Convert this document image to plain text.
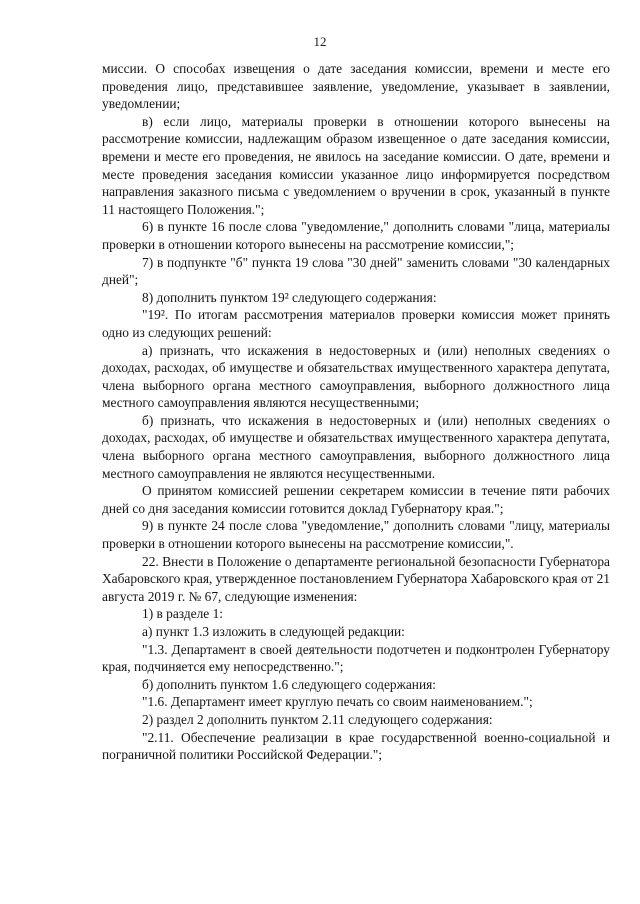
12

миссии. О способах извещения о дате заседания комиссии, времени и месте его проведения лицо, представившее заявление, уведомление, указывает в заявлении, уведомлении;

в) если лицо, материалы проверки в отношении которого вынесены на рассмотрение комиссии, надлежащим образом извещенное о дате заседания комиссии, времени и месте его проведения, не явилось на заседание комиссии. О дате, времени и месте проведения заседания комиссии указанное лицо информируется посредством направления заказного письма с уведомлением о вручении в срок, указанный в пункте 11 настоящего Положения.";

6) в пункте 16 после слова "уведомление," дополнить словами "лица, материалы проверки в отношении которого вынесены на рассмотрение комиссии,";

7) в подпункте "б" пункта 19 слова "30 дней" заменить словами "30 календарных дней";

8) дополнить пунктом 19² следующего содержания:

"19². По итогам рассмотрения материалов проверки комиссия может принять одно из следующих решений:

а) признать, что искажения в недостоверных и (или) неполных сведениях о доходах, расходах, об имуществе и обязательствах имущественного характера депутата, члена выборного органа местного самоуправления, выборного должностного лица местного самоуправления являются несущественными;

б) признать, что искажения в недостоверных и (или) неполных сведениях о доходах, расходах, об имуществе и обязательствах имущественного характера депутата, члена выборного органа местного самоуправления, выборного должностного лица местного самоуправления не являются несущественными.

О принятом комиссией решении секретарем комиссии в течение пяти рабочих дней со дня заседания комиссии готовится доклад Губернатору края.";

9) в пункте 24 после слова "уведомление," дополнить словами "лицу, материалы проверки в отношении которого вынесены на рассмотрение комиссии,".

22. Внести в Положение о департаменте региональной безопасности Губернатора Хабаровского края, утвержденное постановлением Губернатора Хабаровского края от 21 августа 2019 г. № 67, следующие изменения:

1) в разделе 1:

а) пункт 1.3 изложить в следующей редакции:

"1.3. Департамент в своей деятельности подотчетен и подконтролен Губернатору края, подчиняется ему непосредственно.";

б) дополнить пунктом 1.6 следующего содержания:

"1.6. Департамент имеет круглую печать со своим наименованием.";

2) раздел 2 дополнить пунктом 2.11 следующего содержания:

"2.11. Обеспечение реализации в крае государственной военно-социальной и пограничной политики Российской Федерации.";
